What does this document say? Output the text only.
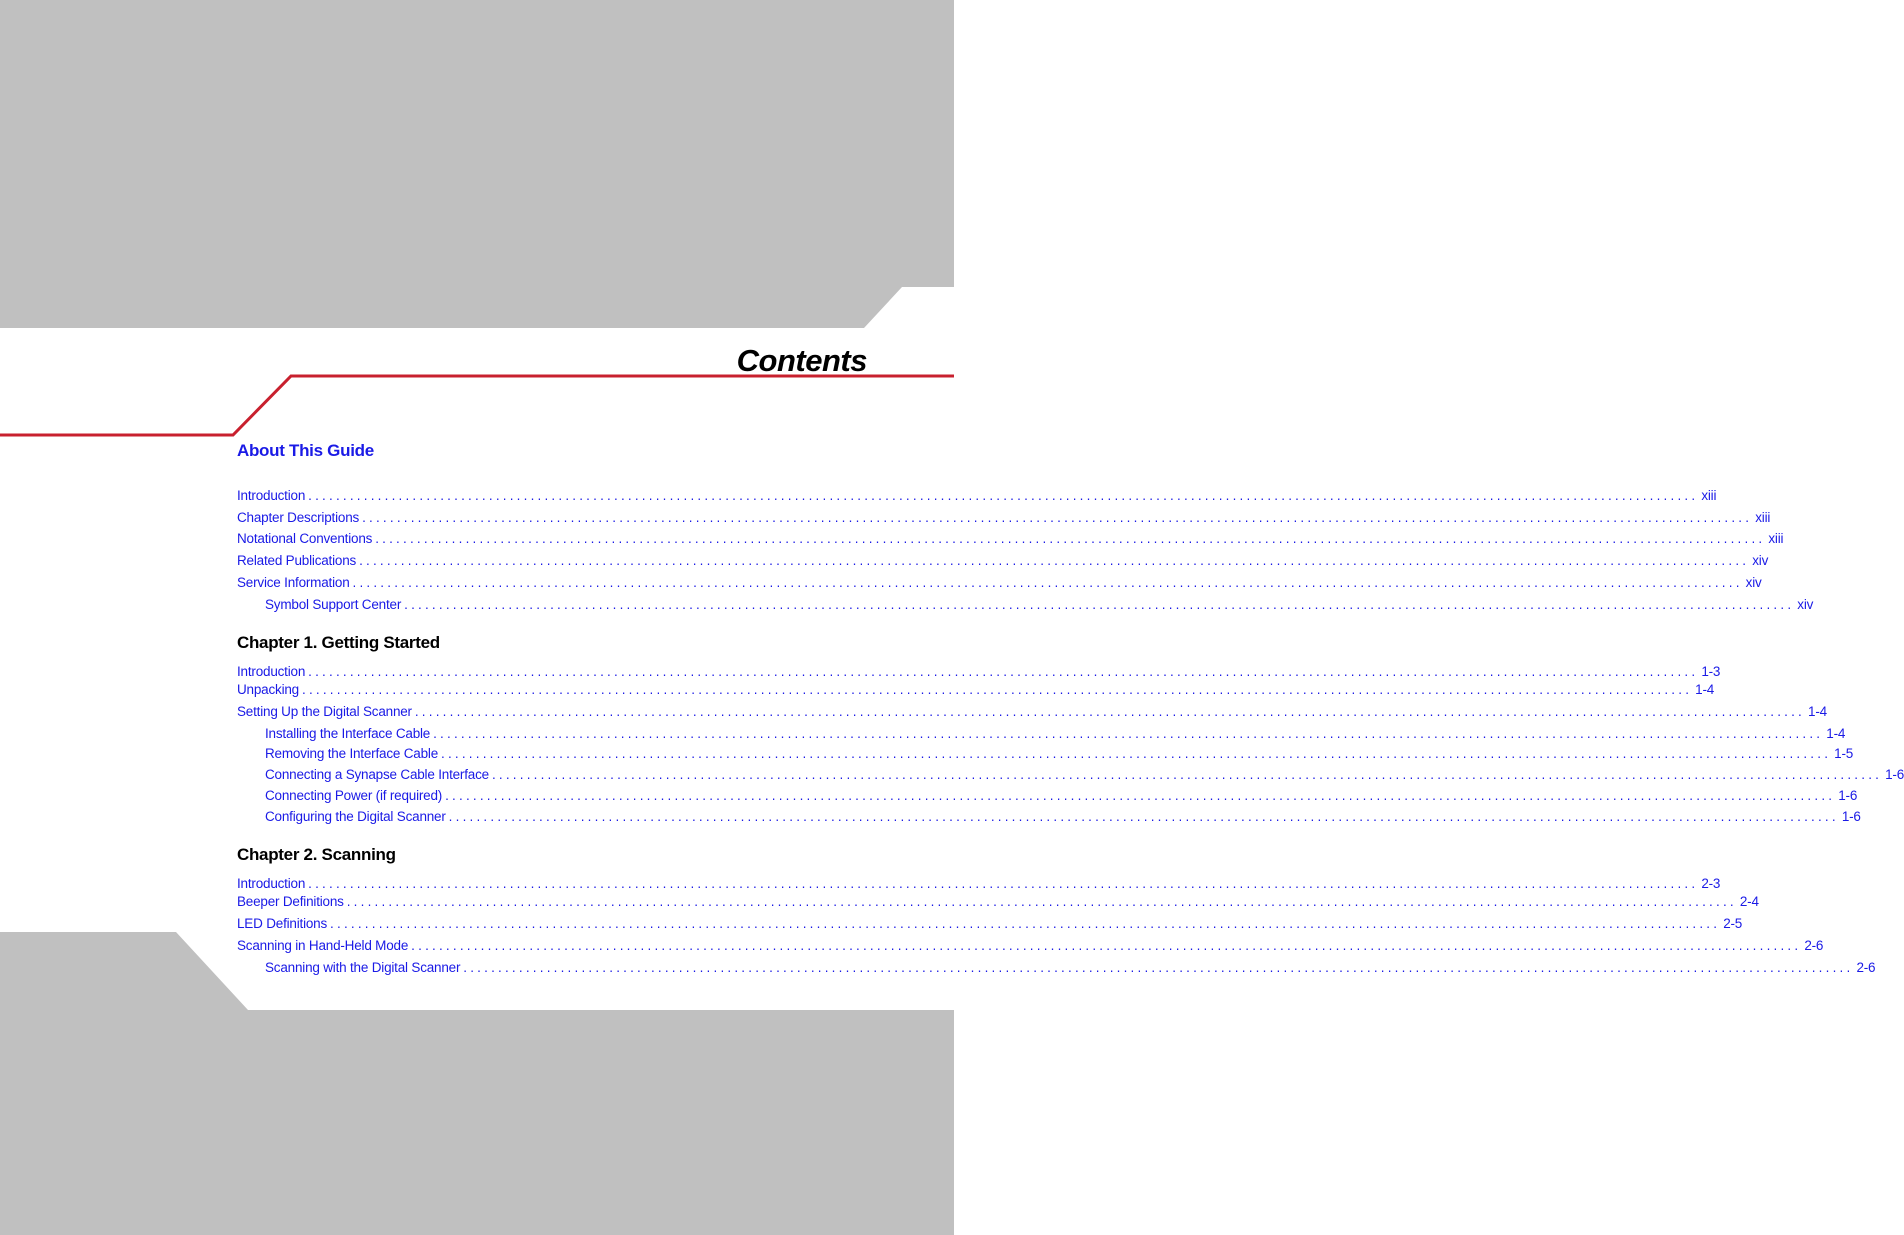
Contents
About This Guide
Introduction ........................................................................................................................................................................................................ xiii
Chapter Descriptions ........................................................................................................................................................................................................ xiii
Notational Conventions ........................................................................................................................................................................................................ xiii
Related Publications ........................................................................................................................................................................................................ xiv
Service Information ........................................................................................................................................................................................................ xiv
Symbol Support Center ........................................................................................................................................................................................................ xiv
Chapter 1. Getting Started
Introduction ........................................................................................................................................................................................................ 1-3
Unpacking ........................................................................................................................................................................................................ 1-4
Setting Up the Digital Scanner ........................................................................................................................................................................................................ 1-4
Installing the Interface Cable ........................................................................................................................................................................................................ 1-4
Removing the Interface Cable ........................................................................................................................................................................................................ 1-5
Connecting a Synapse Cable Interface ........................................................................................................................................................................................................ 1-6
Connecting Power (if required) ........................................................................................................................................................................................................ 1-6
Configuring the Digital Scanner ........................................................................................................................................................................................................ 1-6
Chapter 2. Scanning
Introduction ........................................................................................................................................................................................................ 2-3
Beeper Definitions ........................................................................................................................................................................................................ 2-4
LED Definitions ........................................................................................................................................................................................................ 2-5
Scanning in Hand-Held Mode ........................................................................................................................................................................................................ 2-6
Scanning with the Digital Scanner ........................................................................................................................................................................................................ 2-6
